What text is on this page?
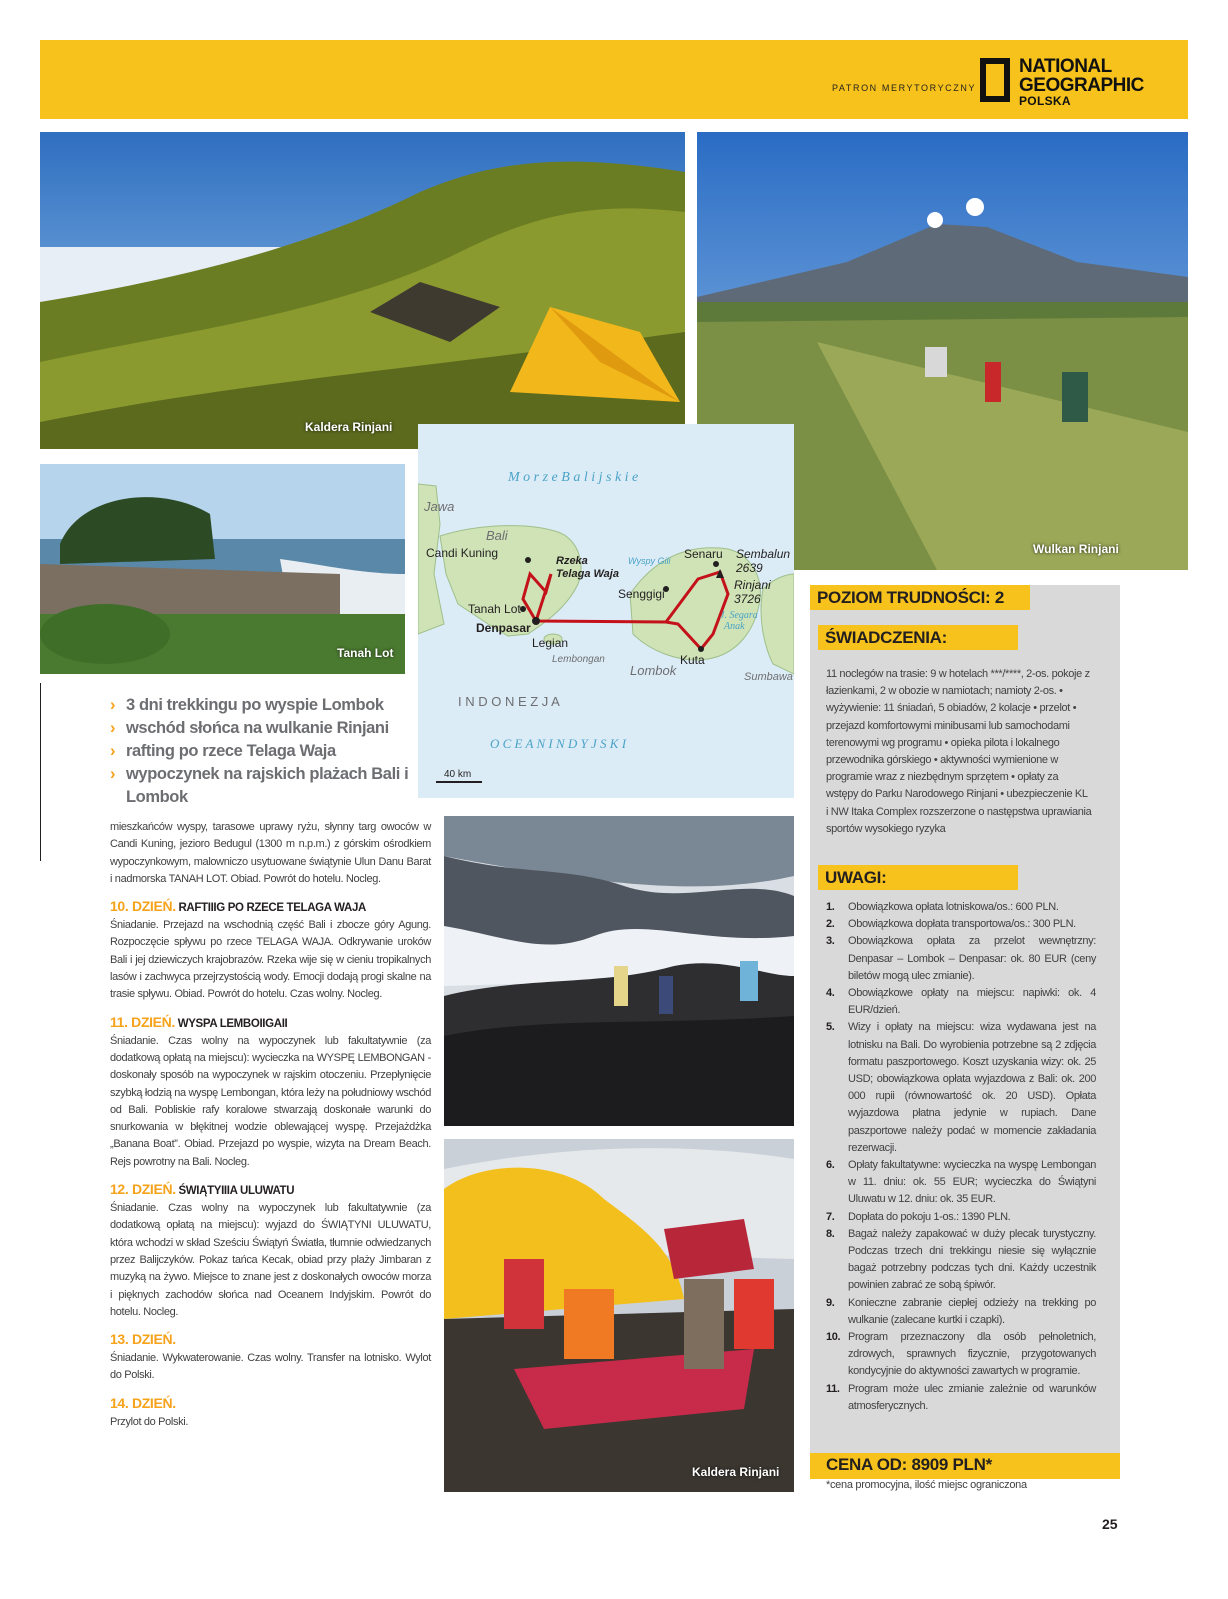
PATRON MERYTORYCZNY
NATIONAL
GEOGRAPHIC
POLSKA
Kaldera Rinjani
Wulkan Rinjani
Tanah Lot
M o r z e B a l i j s k i e
Jawa
Bali
Candi Kuning
Rzeka
Telaga Waja
Wyspy Gili Senaru Sembalun
2639
Rinjani
3726
Senggigi
J. Segara
Anak
Tanah Lot
Denpasar
Legian
Lembongan
Lombok
Kuta
Sumbawa
I N D O N E Z J A
O C E A N I N D Y J S K I
40 km
Kaldera Rinjani
› 3 dni trekkingu po wyspie Lombok
› wschód słońca na wulkanie Rinjani
› rafting po rzece Telaga Waja
› wypoczynek na rajskich plażach Bali i Lombok
mieszkańców wyspy, tarasowe uprawy ryżu, słynny targ owoców w Candi Kuning, jezioro Bedugul (1300 m n.p.m.) z górskim ośrodkiem wypoczynkowym, malowniczo usytuowane świątynie Ulun Danu Barat i nadmorska TANAH LOT. Obiad. Powrót do hotelu. Nocleg.
10. DZIEŃ. RAFTIIIG PO RZECE TELAGA WAJA
Śniadanie. Przejazd na wschodnią część Bali i zbocze góry Agung. Rozpoczęcie spływu po rzece TELAGA WAJA. Odkrywanie uroków Bali i jej dziewiczych krajobrazów. Rzeka wije się w cieniu tropikalnych lasów i zachwyca przejrzystością wody. Emocji dodają progi skalne na trasie spływu. Obiad. Powrót do hotelu. Czas wolny. Nocleg.
11. DZIEŃ. WYSPA LEMBOIIGAII
Śniadanie. Czas wolny na wypoczynek lub fakultatywnie (za dodatkową opłatą na miejscu): wycieczka na WYSPĘ LEMBONGAN - doskonały sposób na wypoczynek w rajskim otoczeniu. Przepłynięcie szybką łodzią na wyspę Lembongan, która leży na południowy wschód od Bali. Pobliskie rafy koralowe stwarzają doskonałe warunki do snurkowania w błękitnej wodzie oblewającej wyspę. Przejażdżka „Banana Boat”. Obiad. Przejazd po wyspie, wizyta na Dream Beach. Rejs powrotny na Bali. Nocleg.
12. DZIEŃ. ŚWIĄTYIIIA ULUWATU
Śniadanie. Czas wolny na wypoczynek lub fakultatywnie (za dodatkową opłatą na miejscu): wyjazd do ŚWIĄTYNI ULUWATU, która wchodzi w skład Sześciu Świątyń Światła, tłumnie odwiedzanych przez Balijczyków. Pokaz tańca Kecak, obiad przy plaży Jimbaran z muzyką na żywo. Miejsce to znane jest z doskonałych owoców morza i pięknych zachodów słońca nad Oceanem Indyjskim. Powrót do hotelu. Nocleg.
13. DZIEŃ.
Śniadanie. Wykwaterowanie. Czas wolny. Transfer na lotnisko. Wylot do Polski.
14. DZIEŃ.
Przylot do Polski.
POZIOM TRUDNOŚCI: 2
ŚWIADCZENIA:
11 noclegów na trasie: 9 w hotelach ***/****, 2-os. pokoje z łazienkami, 2 w obozie w namiotach; namioty 2-os. • wyżywienie: 11 śniadań, 5 obiadów, 2 kolacje • przelot • przejazd komfortowymi minibusami lub samochodami terenowymi wg programu • opieka pilota i lokalnego przewodnika górskiego • aktywności wymienione w programie wraz z niezbędnym sprzętem • opłaty za wstępy do Parku Narodowego Rinjani • ubezpieczenie KL i NW Itaka Complex rozszerzone o następstwa uprawiania sportów wysokiego ryzyka
UWAGI:
1. Obowiązkowa opłata lotniskowa/os.: 600 PLN.
2. Obowiązkowa dopłata transportowa/os.: 300 PLN.
3. Obowiązkowa opłata za przelot wewnętrzny: Denpasar – Lombok – Denpasar: ok. 80 EUR (ceny biletów mogą ulec zmianie).
4. Obowiązkowe opłaty na miejscu: napiwki: ok. 4 EUR/dzień.
5. Wizy i opłaty na miejscu: wiza wydawana jest na lotnisku na Bali. Do wyrobienia potrzebne są 2 zdjęcia formatu paszportowego. Koszt uzyskania wizy: ok. 25 USD; obowiązkowa opłata wyjazdowa z Bali: ok. 200 000 rupii (równowartość ok. 20 USD). Opłata wyjazdowa płatna jedynie w rupiach. Dane paszportowe należy podać w momencie zakładania rezerwacji.
6. Opłaty fakultatywne: wycieczka na wyspę Lembongan w 11. dniu: ok. 55 EUR; wycieczka do Świątyni Uluwatu w 12. dniu: ok. 35 EUR.
7. Dopłata do pokoju 1-os.: 1390 PLN.
8. Bagaż należy zapakować w duży plecak turystyczny. Podczas trzech dni trekkingu niesie się wyłącznie bagaż potrzebny podczas tych dni. Każdy uczestnik powinien zabrać ze sobą śpiwór.
9. Konieczne zabranie ciepłej odzieży na trekking po wulkanie (zalecane kurtki i czapki).
10. Program przeznaczony dla osób pełnoletnich, zdrowych, sprawnych fizycznie, przygotowanych kondycyjnie do aktywności zawartych w programie.
11. Program może ulec zmianie zależnie od warunków atmosferycznych.
CENA OD: 8909 PLN*
*cena promocyjna, ilość miejsc ograniczona
25
